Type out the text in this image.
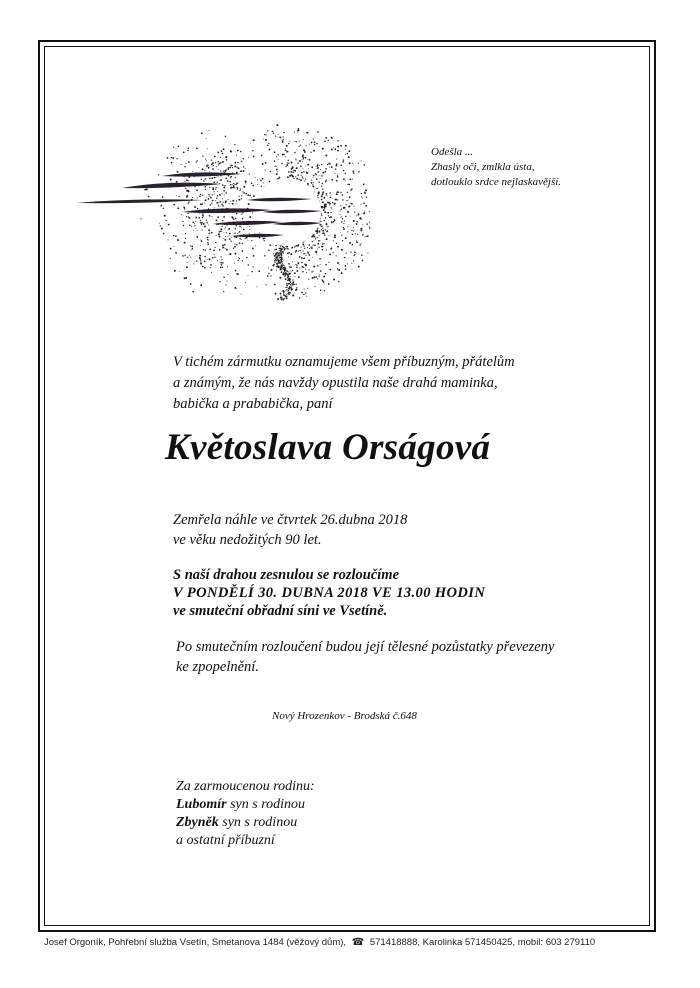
Odešla ...
Zhasly oči, zmlkla ústa,
dotlouklo srdce nejlaskavější.
V tichém zármutku oznamujeme všem příbuzným, přátelům
a známým, že nás navždy opustila naše drahá maminka,
babička a prababička, paní
Květoslava Orságová
Zemřela náhle ve čtvrtek 26.dubna 2018
ve věku nedožitých 90 let.
S naší drahou zesnulou se rozloučíme
V PONDĚLÍ 30. DUBNA 2018 VE 13.00 HODIN
ve smuteční obřadní síni ve Vsetíně.
Po smutečním rozloučení budou její tělesné pozůstatky převezeny
ke zpopelnění.
Nový Hrozenkov - Brodská č.648
Za zarmoucenou rodinu:
Lubomír syn s rodinou
Zbyněk syn s rodinou
a ostatní příbuzní
Josef Orgoník, Pohřební služba Vsetín, Smetanova 1484 (věžový dům), ☎ 571418888, Karolinka 571450425, mobil: 603 279110
